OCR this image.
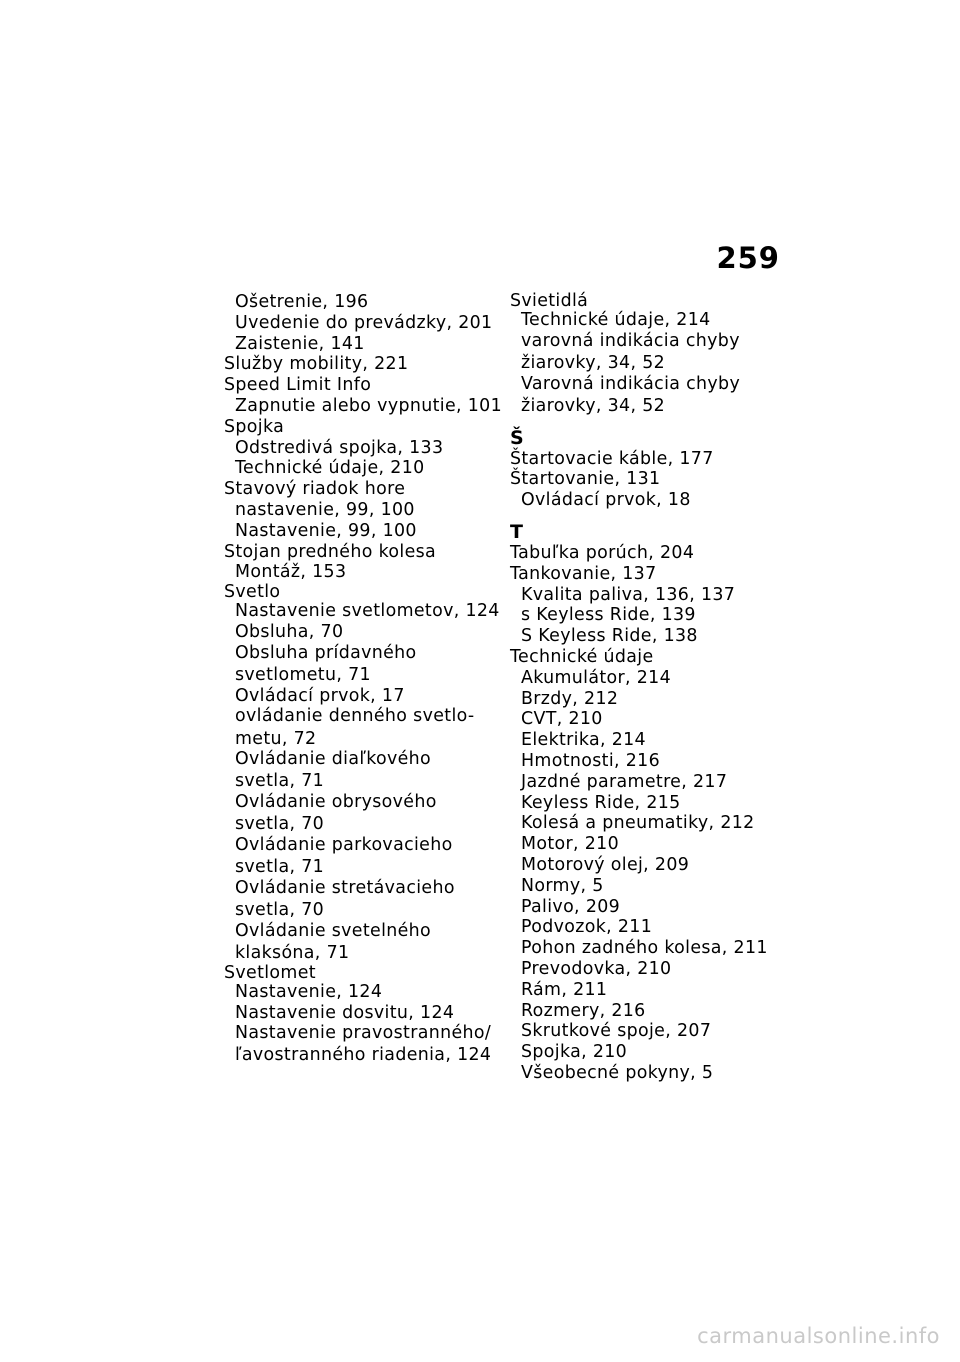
259
Ošetrenie, 196
Uvedenie do prevádzky, 201
Zaistenie, 141
Služby mobility, 221
Speed Limit Info
Zapnutie alebo vypnutie, 101
Spojka
Odstredivá spojka, 133
Technické údaje, 210
Stavový riadok hore
nastavenie, 99, 100
Nastavenie, 99, 100
Stojan predného kolesa
Montáž, 153
Svetlo
Nastavenie svetlometov, 124
Obsluha, 70
Obsluha prídavného
svetlometu, 71
Ovládací prvok, 17
ovládanie denného svetlo-
metu, 72
Ovládanie diaľkového
svetla, 71
Ovládanie obrysového
svetla, 70
Ovládanie parkovacieho
svetla, 71
Ovládanie stretávacieho
svetla, 70
Ovládanie svetelného
klaksóna, 71
Svetlomet
Nastavenie, 124
Nastavenie dosvitu, 124
Nastavenie pravostranného/
ľavostranného riadenia, 124
Svietidlá
Technické údaje, 214
varovná indikácia chyby
žiarovky, 34, 52
Varovná indikácia chyby
žiarovky, 34, 52
Š
Štartovacie káble, 177
Štartovanie, 131
Ovládací prvok, 18
T
Tabuľka porúch, 204
Tankovanie, 137
Kvalita paliva, 136, 137
s Keyless Ride, 139
S Keyless Ride, 138
Technické údaje
Akumulátor, 214
Brzdy, 212
CVT, 210
Elektrika, 214
Hmotnosti, 216
Jazdné parametre, 217
Keyless Ride, 215
Kolesá a pneumatiky, 212
Motor, 210
Motorový olej, 209
Normy, 5
Palivo, 209
Podvozok, 211
Pohon zadného kolesa, 211
Prevodovka, 210
Rám, 211
Rozmery, 216
Skrutkové spoje, 207
Spojka, 210
Všeobecné pokyny, 5
carmanualsonline.info
